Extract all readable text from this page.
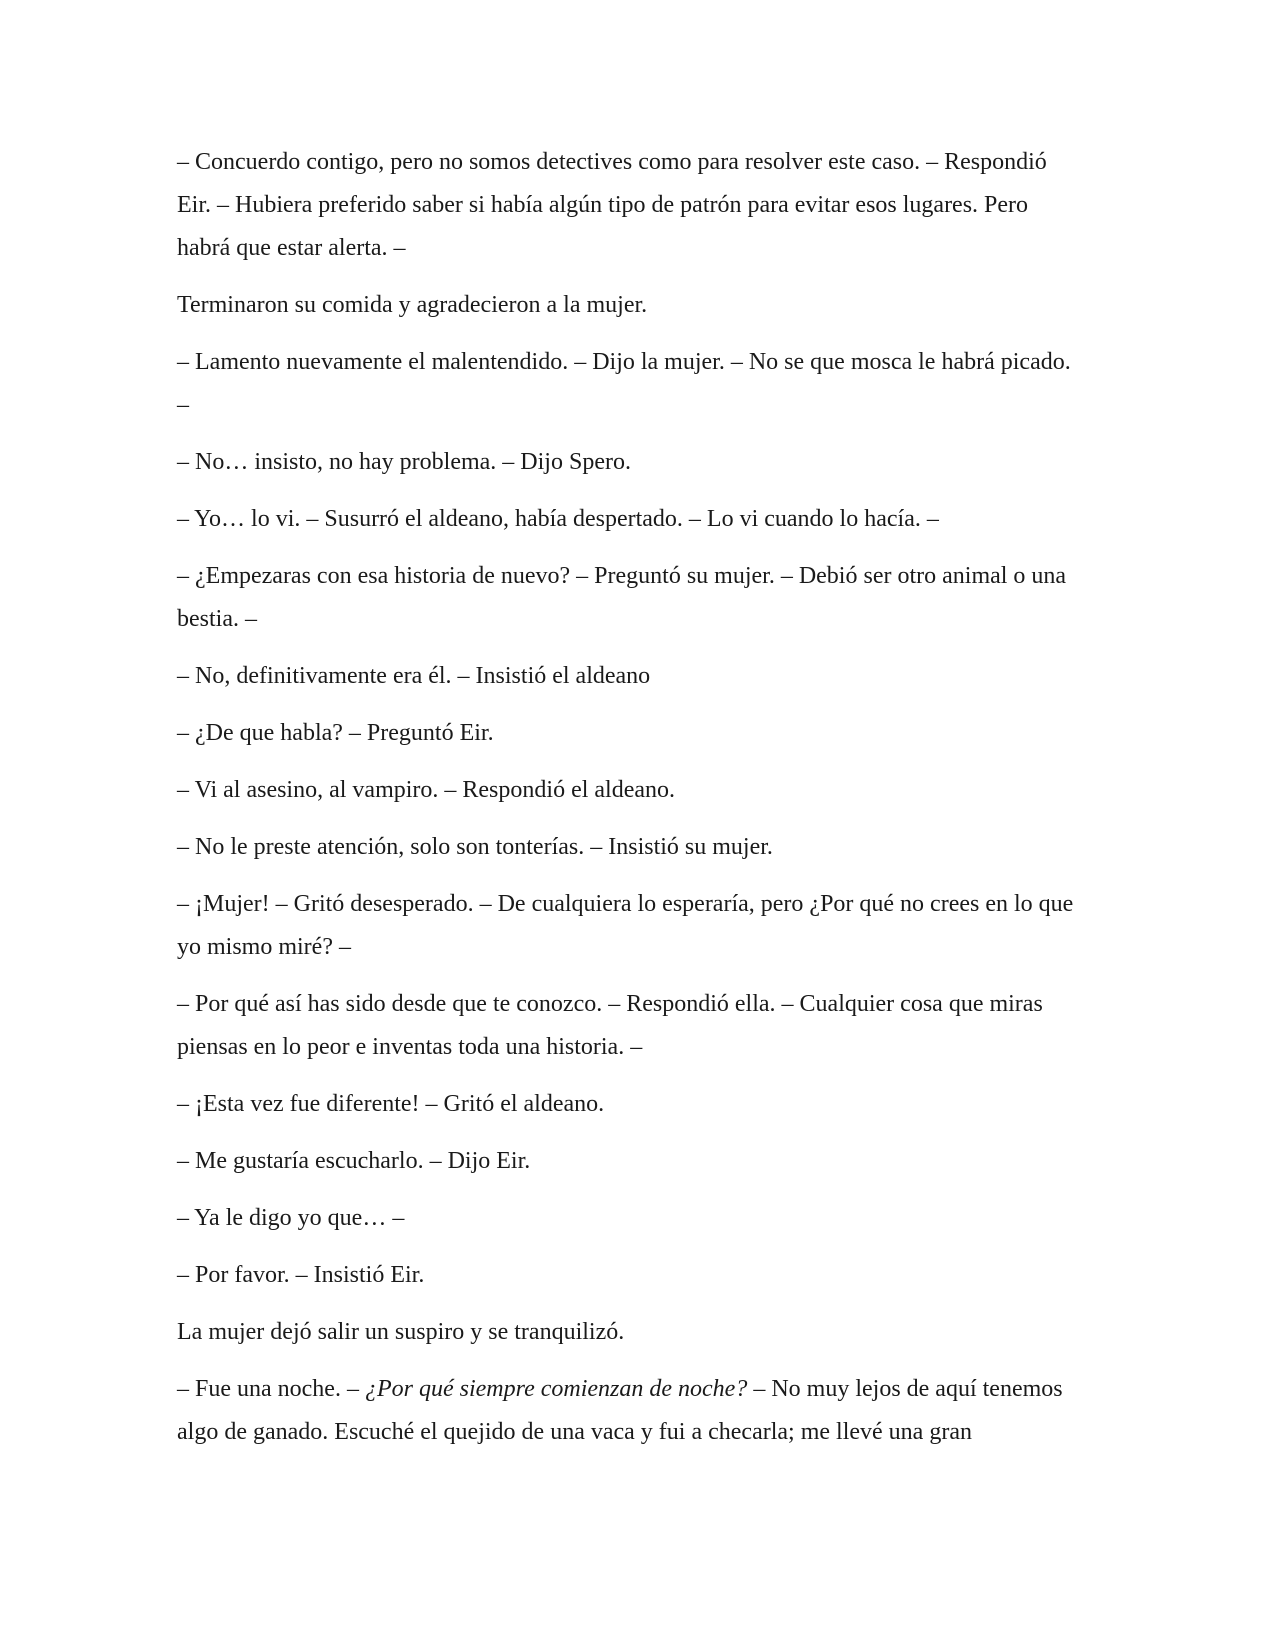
– Concuerdo contigo, pero no somos detectives como para resolver este caso. – Respondió Eir. – Hubiera preferido saber si había algún tipo de patrón para evitar esos lugares. Pero habrá que estar alerta. –

Terminaron su comida y agradecieron a la mujer.

– Lamento nuevamente el malentendido. – Dijo la mujer. – No se que mosca le habrá picado. –

– No… insisto, no hay problema. – Dijo Spero.

– Yo… lo vi. – Susurró el aldeano, había despertado. – Lo vi cuando lo hacía. –

– ¿Empezaras con esa historia de nuevo? – Preguntó su mujer. – Debió ser otro animal o una bestia. –

– No, definitivamente era él. – Insistió el aldeano

– ¿De que habla? – Preguntó Eir.

– Vi al asesino, al vampiro. – Respondió el aldeano.

– No le preste atención, solo son tonterías. – Insistió su mujer.

– ¡Mujer! – Gritó desesperado. – De cualquiera lo esperaría, pero ¿Por qué no crees en lo que yo mismo miré? –

– Por qué así has sido desde que te conozco. – Respondió ella. – Cualquier cosa que miras piensas en lo peor e inventas toda una historia. –

– ¡Esta vez fue diferente! – Gritó el aldeano.

– Me gustaría escucharlo. – Dijo Eir.

– Ya le digo yo que… –

– Por favor. – Insistió Eir.

La mujer dejó salir un suspiro y se tranquilizó.

– Fue una noche. – ¿Por qué siempre comienzan de noche? – No muy lejos de aquí tenemos algo de ganado. Escuché el quejido de una vaca y fui a checarla; me llevé una gran
